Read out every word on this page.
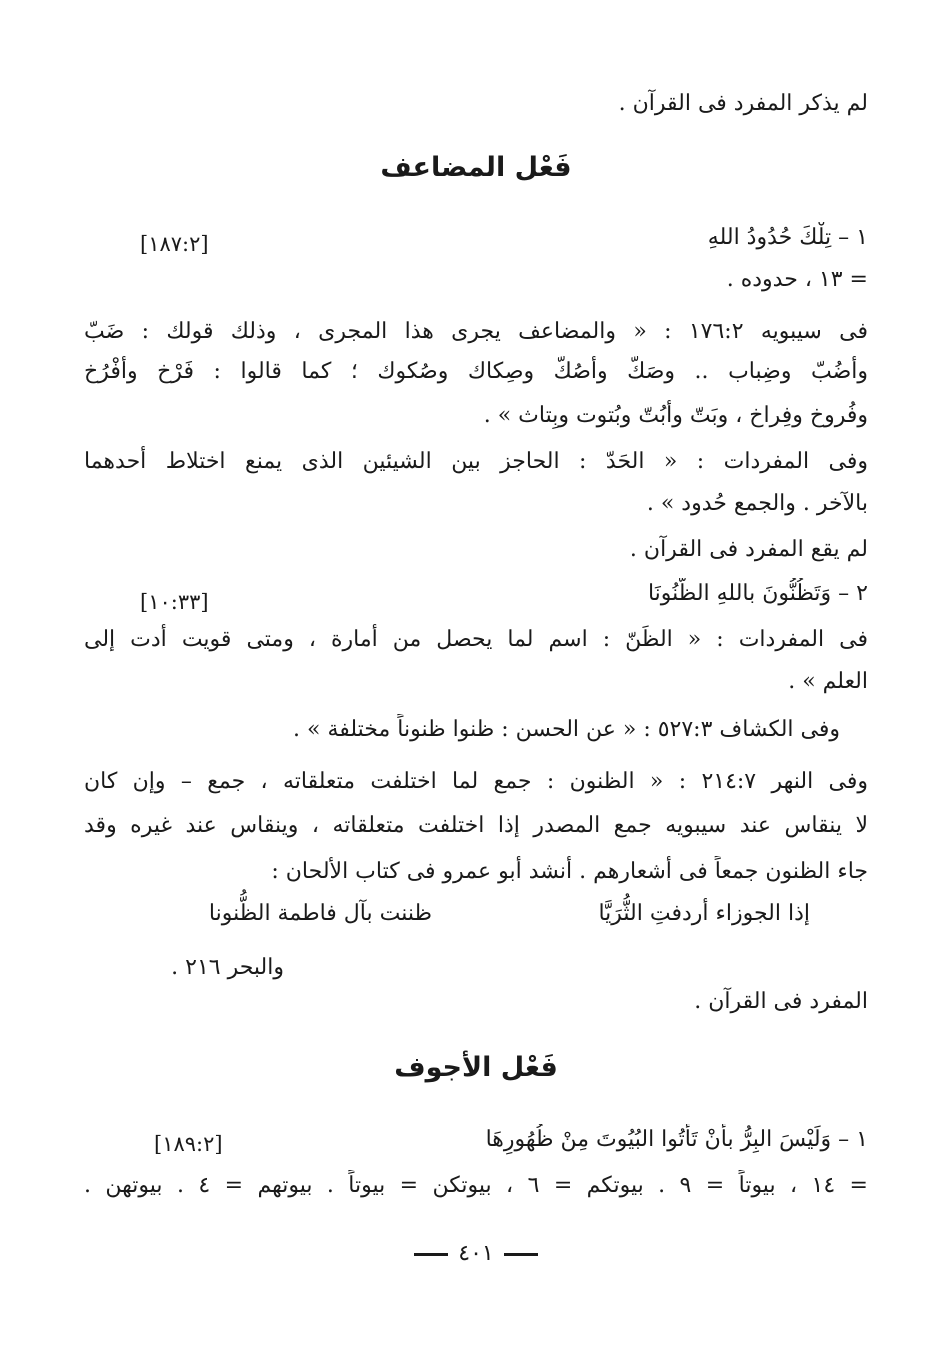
لم يذكر المفرد فى القرآن .
فَعْل المضاعف
١ – تِلْكَ حُدُودُ اللهِ
[١٨٧:٢]
= ١٣ ، حدوده .
فى سيبويه ١٧٦:٢ : « والمضاعف يجرى هذا المجرى ، وذلك قولك : ضَبّ
وأضُبّ وضِباب .. وصَكّ وأصُكّ وصِكاك وصُكوك ؛ كما قالوا : فَرْخ وأفْرُخ
وفُروخ وفِراخ ، وبَتّ وأبُتّ وبُتوت وبِتاث » .
وفى المفردات : « الحَدّ : الحاجز بين الشيئين الذى يمنع اختلاط أحدهما
بالآخر . والجمع حُدود » .
لم يقع المفرد فى القرآن .
٢ – وَتَظُنُّونَ باللهِ الظُّنُونَا
[١٠:٣٣]
فى المفردات : « الظَنّ : اسم لما يحصل من أمارة ، ومتى قويت أدت إلى
العلم » .
وفى الكشاف ٥٢٧:٣ : « عن الحسن : ظنوا ظنوناً مختلفة » .
وفى النهر ٢١٤:٧ : « الظنون : جمع لما اختلفت متعلقاته ، جمع – وإن كان
لا ينقاس عند سيبويه جمع المصدر إذا اختلفت متعلقاته ، وينقاس عند غيره وقد
جاء الظنون جمعاً فى أشعارهم . أنشد أبو عمرو فى كتاب الألحان :
إذا الجوزاء أردفتِ الثُّرَيَّا
ظننت بآل فاطمة الظُّنونا
والبحر ٢١٦ .
المفرد فى القرآن .
فَعْل الأجوف
١ – وَلَيْسَ البِرُّ بأَنْ تَأْتُوا البُيُوتَ مِنْ ظُهُورِهَا
[١٨٩:٢]
= ١٤ ، بيوتاً = ٩ . بيوتكم = ٦ ، بيوتكن = بيوتاً . بيوتهم = ٤ . بيوتهن .
٤٠١
